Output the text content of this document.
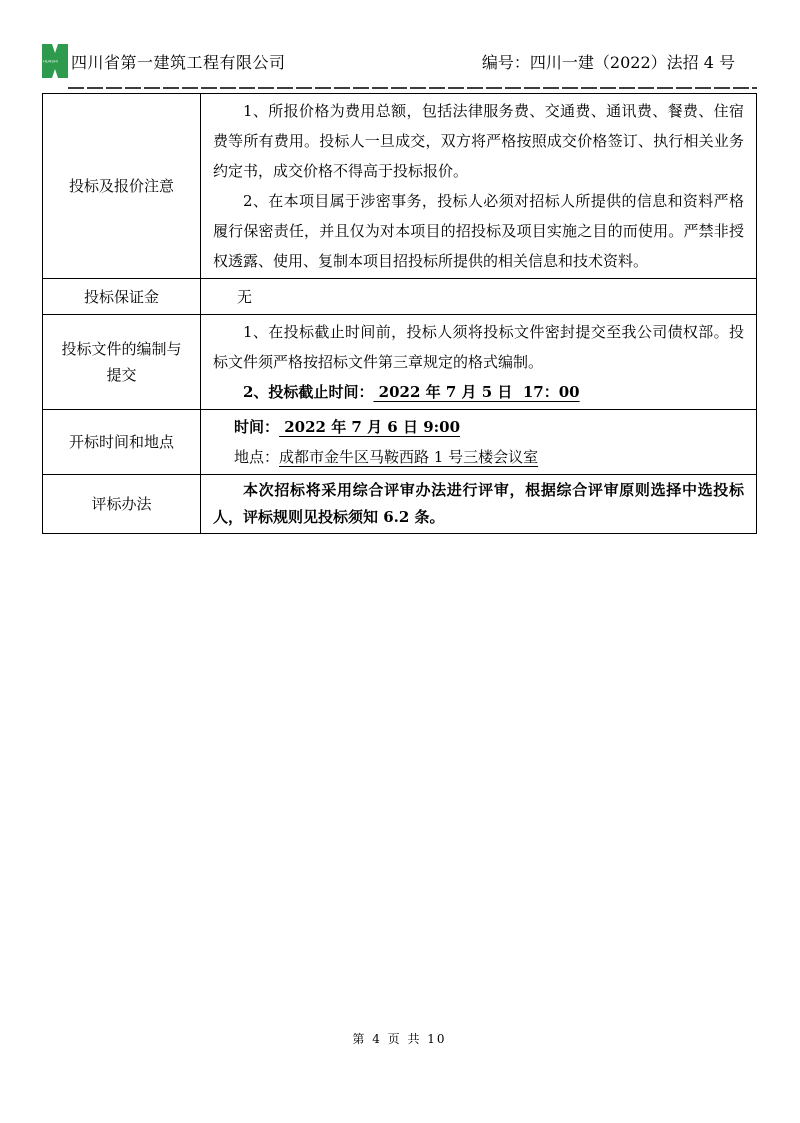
HUASHI 四川省第一建筑工程有限公司	编号：四川一建（2022）法招 4 号
投标及报价注意	1、所报价格为费用总额，包括法律服务费、交通费、通讯费、餐费、住宿费等所有费用。投标人一旦成交，双方将严格按照成交价格签订、执行相关业务约定书，成交价格不得高于投标报价。

2、在本项目属于涉密事务，投标人必须对招标人所提供的信息和资料严格履行保密责任，并且仅为对本项目的招投标及项目实施之目的而使用。严禁非授权透露、使用、复制本项目招投标所提供的相关信息和技术资料。

投标保证金	无

投标文件的编制与提交	1、在投标截止时间前，投标人须将投标文件密封提交至我公司债权部。投标文件须严格按招标文件第三章规定的格式编制。

2、投标截止时间： 2022 年 7 月 5 日  17：00

开标时间和地点	时间： 2022 年 7 月 6 日 9:00
地点：成都市金牛区马鞍西路 1 号三楼会议室

评标办法	本次招标将采用综合评审办法进行评审，根据综合评审原则选择中选投标人，评标规则见投标须知 6.2 条。

第 4 页 共 10
